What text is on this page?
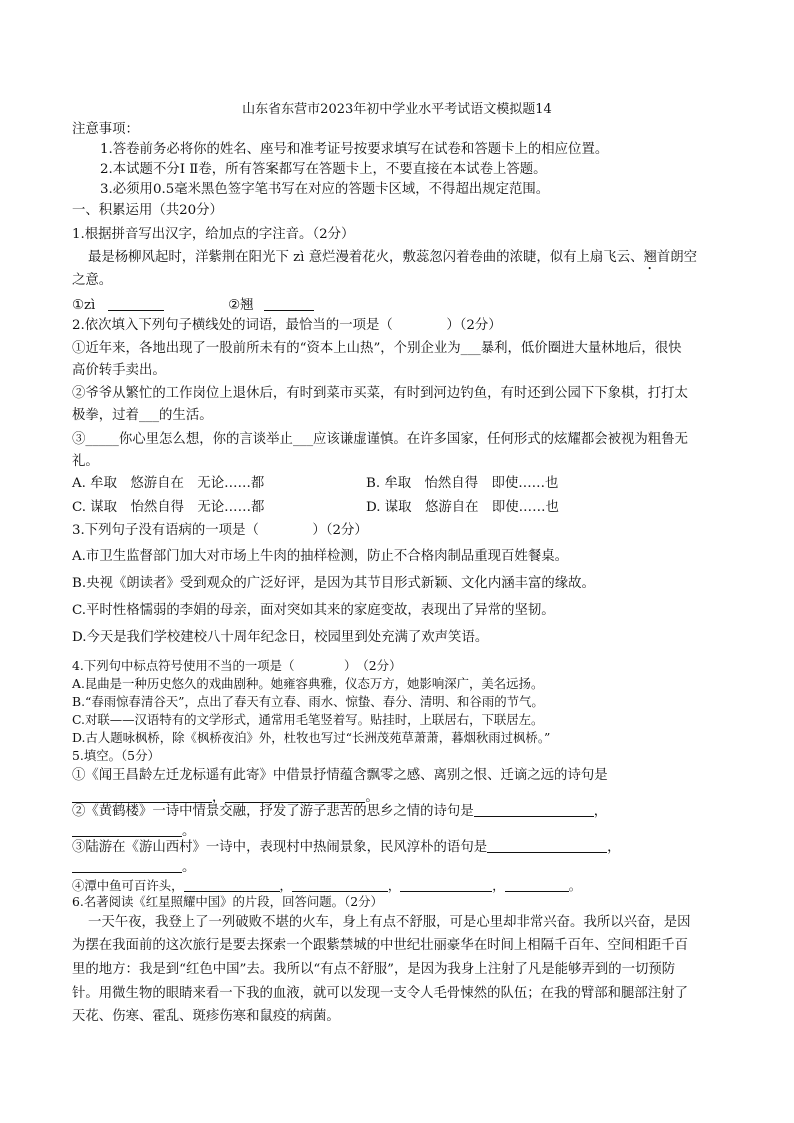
山东省东营市2023年初中学业水平考试语文模拟题14
注意事项：
1.答卷前务必将你的姓名、座号和准考证号按要求填写在试卷和答题卡上的相应位置。
2.本试题不分Ⅰ Ⅱ卷，所有答案都写在答题卡上，不要直接在本试卷上答题。
3.必须用0.5毫米黑色签字笔书写在对应的答题卡区域，不得超出规定范围。
一、积累运用（共20分）
1.根据拼音写出汉字，给加点的字注音。（2分）
最是杨柳风起时，洋紫荆在阳光下 zì 意烂漫着花火，敷蕊忽闪着卷曲的浓睫，似有上扇飞云、翘首朗空
之意。
①zì	②翘
2.依次填入下列句子横线处的词语，最恰当的一项是（　　　　）（2分）
①近年来，各地出现了一股前所未有的“资本上山热”，个别企业为___暴利，低价圈进大量林地后，很快
高价转手卖出。
②爷爷从繁忙的工作岗位上退休后，有时到菜市买菜，有时到河边钓鱼，有时还到公园下下象棋，打打太
极拳，过着___的生活。
③_____你心里怎么想，你的言谈举止___应该谦虚谨慎。在许多国家，任何形式的炫耀都会被视为粗鲁无
礼。
A. 牟取　悠游自在　无论……都	B. 牟取　怡然自得　即使……也
C. 谋取　怡然自得　无论……都	D. 谋取　悠游自在　即使……也
3.下列句子没有语病的一项是（　　　　）（2分）
A.市卫生监督部门加大对市场上牛肉的抽样检测，防止不合格肉制品重现百姓餐桌。
B.央视《朗读者》受到观众的广泛好评，是因为其节目形式新颖、文化内涵丰富的缘故。
C.平时性格懦弱的李娟的母亲，面对突如其来的家庭变故，表现出了异常的坚韧。
D.今天是我们学校建校八十周年纪念日，校园里到处充满了欢声笑语。
4.下列句中标点符号使用不当的一项是（　　　　）　（2分）
A.昆曲是一种历史悠久的戏曲剧种。她雍容典雅，仪态万方，她影响深广，美名远扬。
B.“春雨惊春清谷天”，点出了春天有立春、雨水、惊蛰、春分、清明、和谷雨的节气。
C.对联——汉语特有的文学形式，通常用毛笔竖着写。贴挂时，上联居右，下联居左。
D.古人题咏枫桥，除《枫桥夜泊》外，杜牧也写过“长洲茂苑草萧萧，暮烟秋雨过枫桥。”
5.填空。（5分）
①《闻王昌龄左迁龙标遥有此寄》中借景抒情蕴含飘零之感、离别之恨、迁谪之远的诗句是
，	。
②《黄鹤楼》一诗中情景交融，抒发了游子悲苦的思乡之情的诗句是	，
。
③陆游在《游山西村》一诗中，表现村中热闹景象，民风淳朴的语句是	，
。
④潭中鱼可百许头，	，	，	，	。
6.名著阅读《红星照耀中国》的片段，回答问题。（2分）
一天午夜，我登上了一列破败不堪的火车，身上有点不舒服，可是心里却非常兴奋。我所以兴奋，是因
为摆在我面前的这次旅行是要去探索一个跟紫禁城的中世纪壮丽豪华在时间上相隔千百年、空间相距千百
里的地方：我是到“红色中国”去。我所以“有点不舒服”，是因为我身上注射了凡是能够弄到的一切预防
针。用微生物的眼睛来看一下我的血液，就可以发现一支令人毛骨悚然的队伍；在我的臂部和腿部注射了
天花、伤寒、霍乱、斑疹伤寒和鼠疫的病菌。
